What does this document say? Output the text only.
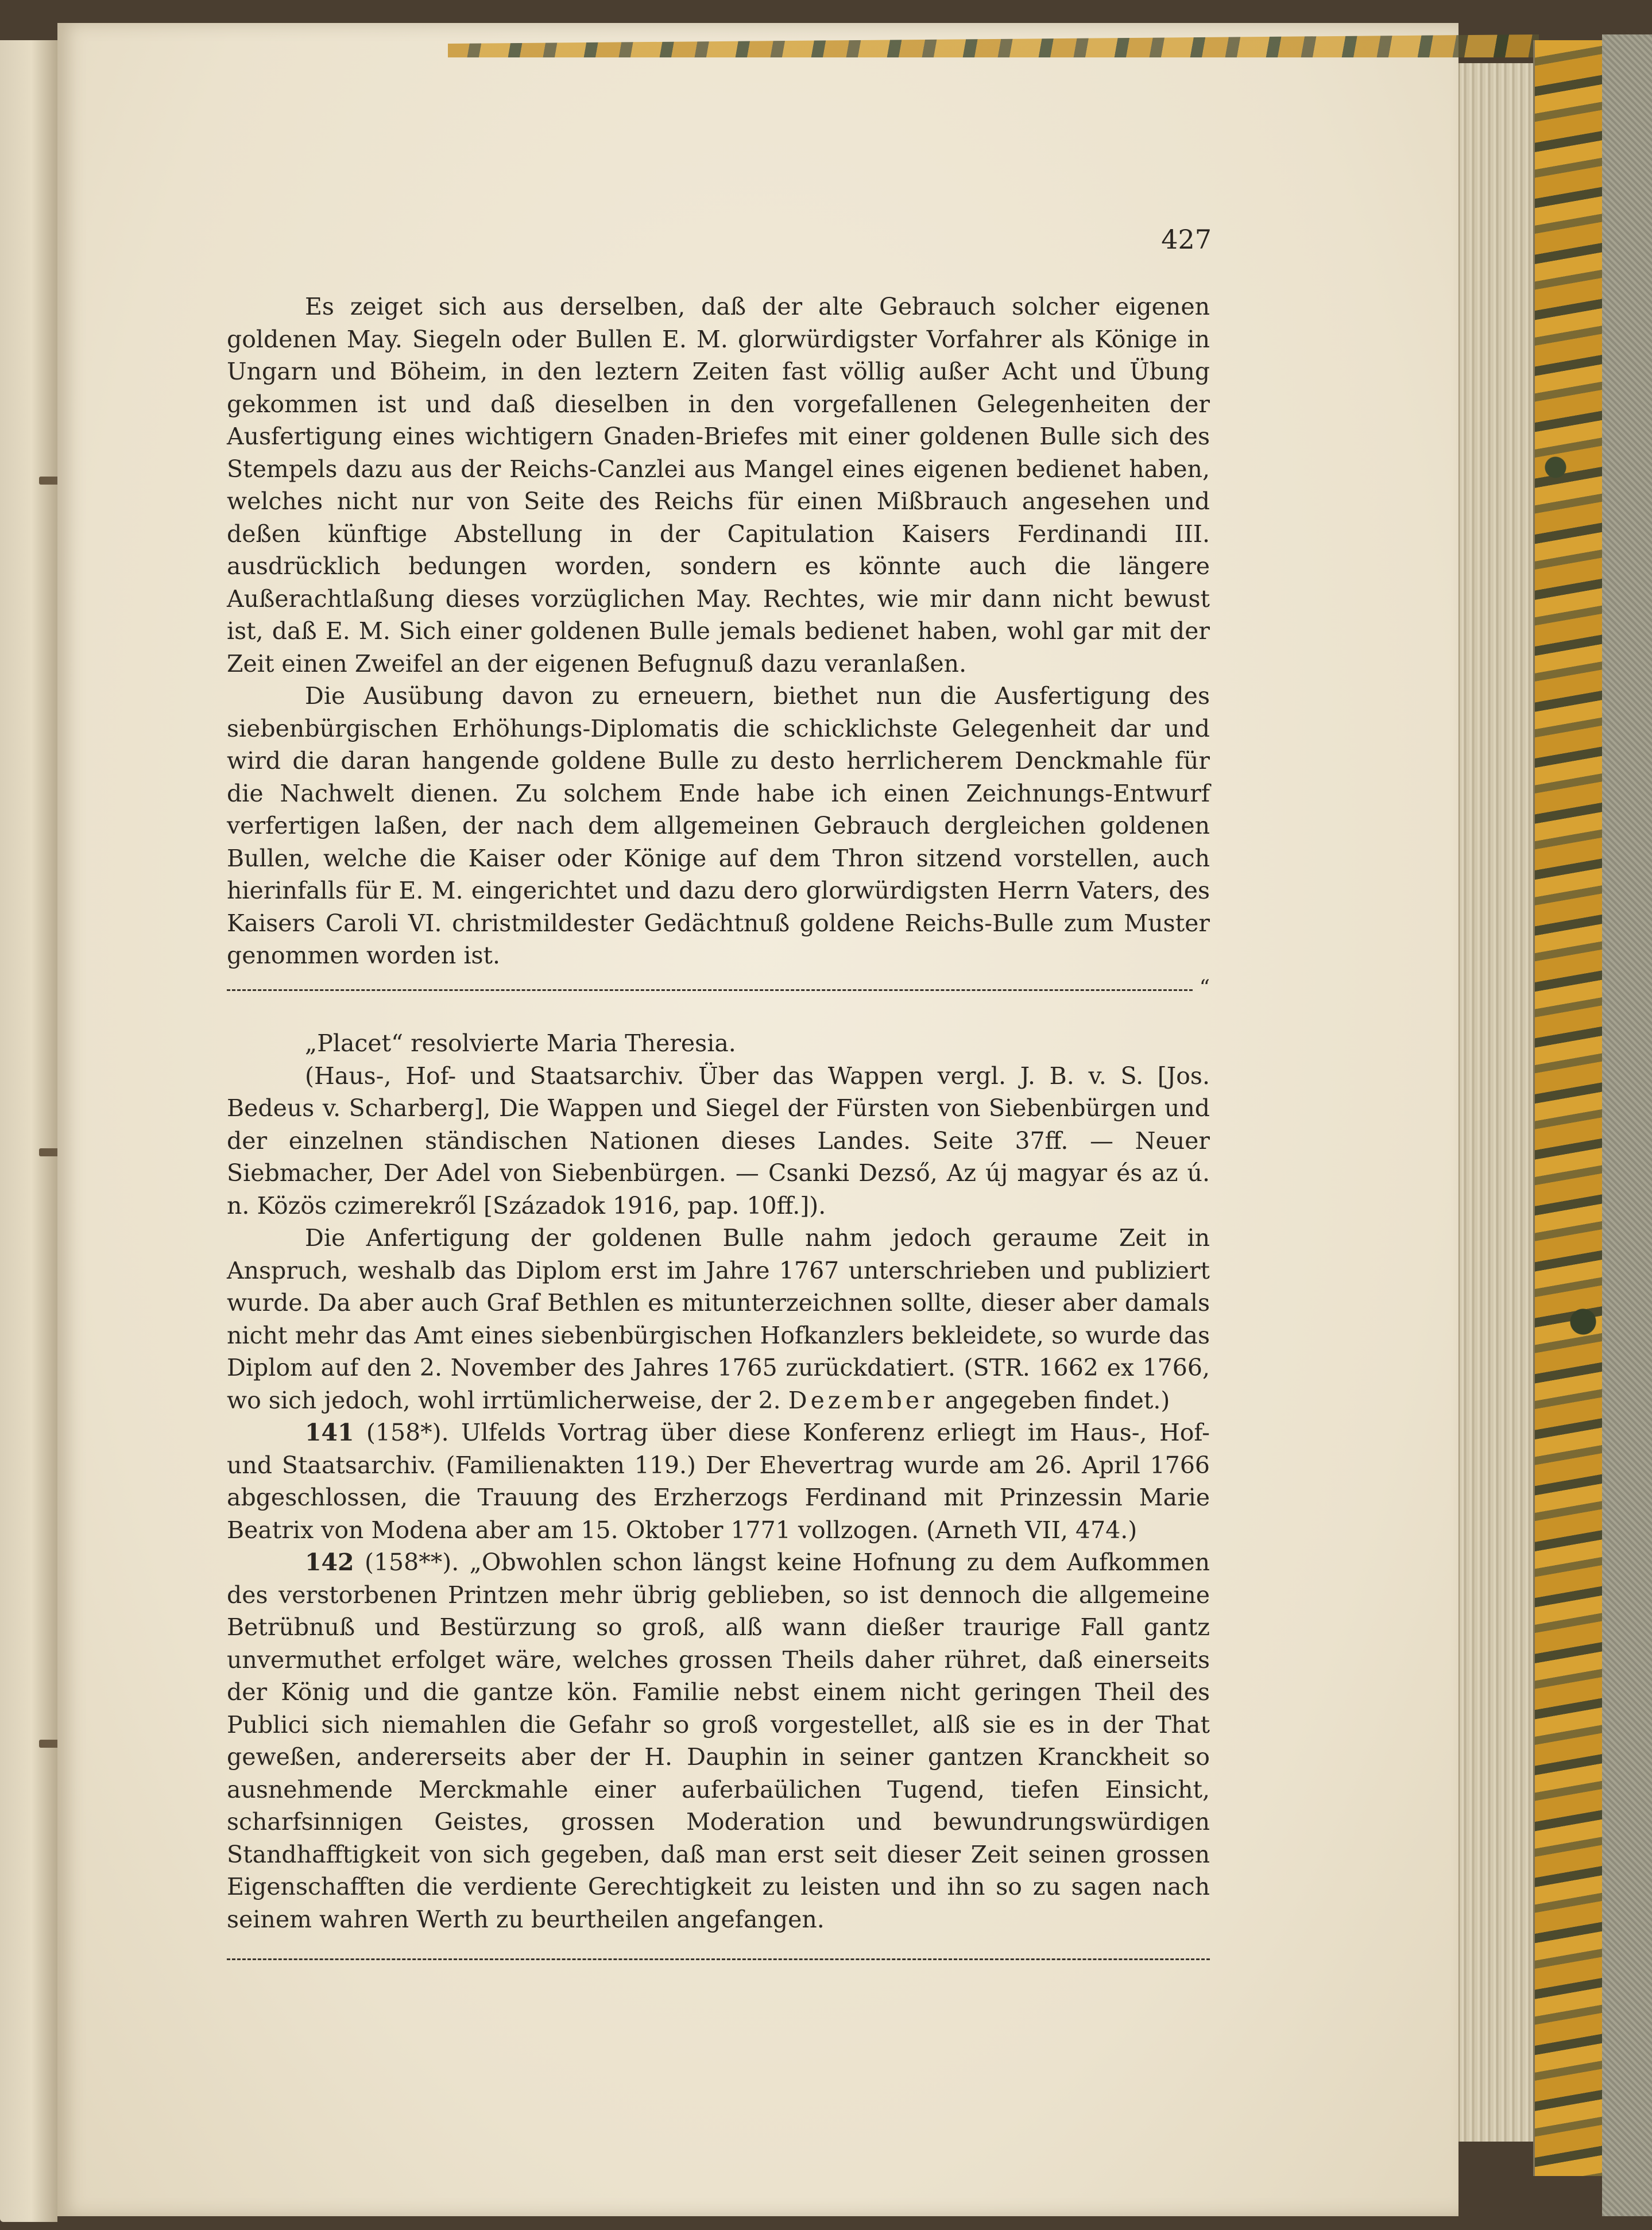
427

Es zeiget sich aus derselben, daß der alte Gebrauch solcher eigenen goldenen May. Siegeln oder Bullen E. M. glorwürdigster Vorfahrer als Könige in Ungarn und Böheim, in den leztern Zeiten fast völlig außer Acht und Übung gekommen ist und daß dieselben in den vorgefallenen Gelegenheiten der Ausfertigung eines wichtigern Gnaden-Briefes mit einer goldenen Bulle sich des Stempels dazu aus der Reichs-Canzlei aus Mangel eines eigenen bedienet haben, welches nicht nur von Seite des Reichs für einen Mißbrauch angesehen und deßen künftige Abstellung in der Capitulation Kaisers Ferdinandi III. ausdrücklich bedungen worden, sondern es könnte auch die längere Außerachtlaßung dieses vorzüglichen May. Rechtes, wie mir dann nicht bewust ist, daß E. M. Sich einer goldenen Bulle jemals bedienet haben, wohl gar mit der Zeit einen Zweifel an der eigenen Befugnuß dazu veranlaßen.

Die Ausübung davon zu erneuern, biethet nun die Ausfertigung des siebenbürgischen Erhöhungs-Diplomatis die schicklichste Gelegenheit dar und wird die daran hangende goldene Bulle zu desto herrlicherem Denckmahle für die Nachwelt dienen. Zu solchem Ende habe ich einen Zeichnungs-Entwurf verfertigen laßen, der nach dem allgemeinen Gebrauch dergleichen goldenen Bullen, welche die Kaiser oder Könige auf dem Thron sitzend vorstellen, auch hierinfalls für E. M. eingerichtet und dazu dero glorwürdigsten Herrn Vaters, des Kaisers Caroli VI. christmildester Gedächtnuß goldene Reichs-Bulle zum Muster genommen worden ist.

“

„Placet“ resolvierte Maria Theresia.

(Haus-, Hof- und Staatsarchiv. Über das Wappen vergl. J. B. v. S. [Jos. Bedeus v. Scharberg], Die Wappen und Siegel der Fürsten von Siebenbürgen und der einzelnen ständischen Nationen dieses Landes. Seite 37ff. — Neuer Siebmacher, Der Adel von Siebenbürgen. — Csanki Dezső, Az új magyar és az ú. n. Közös czimerekről [Századok 1916, pap. 10ff.]).

Die Anfertigung der goldenen Bulle nahm jedoch geraume Zeit in Anspruch, weshalb das Diplom erst im Jahre 1767 unterschrieben und publiziert wurde. Da aber auch Graf Bethlen es mitunterzeichnen sollte, dieser aber damals nicht mehr das Amt eines siebenbürgischen Hofkanzlers bekleidete, so wurde das Diplom auf den 2. November des Jahres 1765 zurückdatiert. (STR. 1662 ex 1766, wo sich jedoch, wohl irrtümlicherweise, der 2. Dezember angegeben findet.)

141 (158*). Ulfelds Vortrag über diese Konferenz erliegt im Haus-, Hof- und Staatsarchiv. (Familienakten 119.) Der Ehevertrag wurde am 26. April 1766 abgeschlossen, die Trauung des Erzherzogs Ferdinand mit Prinzessin Marie Beatrix von Modena aber am 15. Oktober 1771 vollzogen. (Arneth VII, 474.)

142 (158**). „Obwohlen schon längst keine Hofnung zu dem Aufkommen des verstorbenen Printzen mehr übrig geblieben, so ist dennoch die allgemeine Betrübnuß und Bestürzung so groß, alß wann dießer traurige Fall gantz unvermuthet erfolget wäre, welches grossen Theils daher rühret, daß einerseits der König und die gantze kön. Familie nebst einem nicht geringen Theil des Publici sich niemahlen die Gefahr so groß vorgestellet, alß sie es in der That geweßen, andererseits aber der H. Dauphin in seiner gantzen Kranckheit so ausnehmende Merckmahle einer auferbaülichen Tugend, tiefen Einsicht, scharfsinnigen Geistes, grossen Moderation und bewundrungswürdigen Standhafftigkeit von sich gegeben, daß man erst seit dieser Zeit seinen grossen Eigenschafften die verdiente Gerechtigkeit zu leisten und ihn so zu sagen nach seinem wahren Werth zu beurtheilen angefangen.
